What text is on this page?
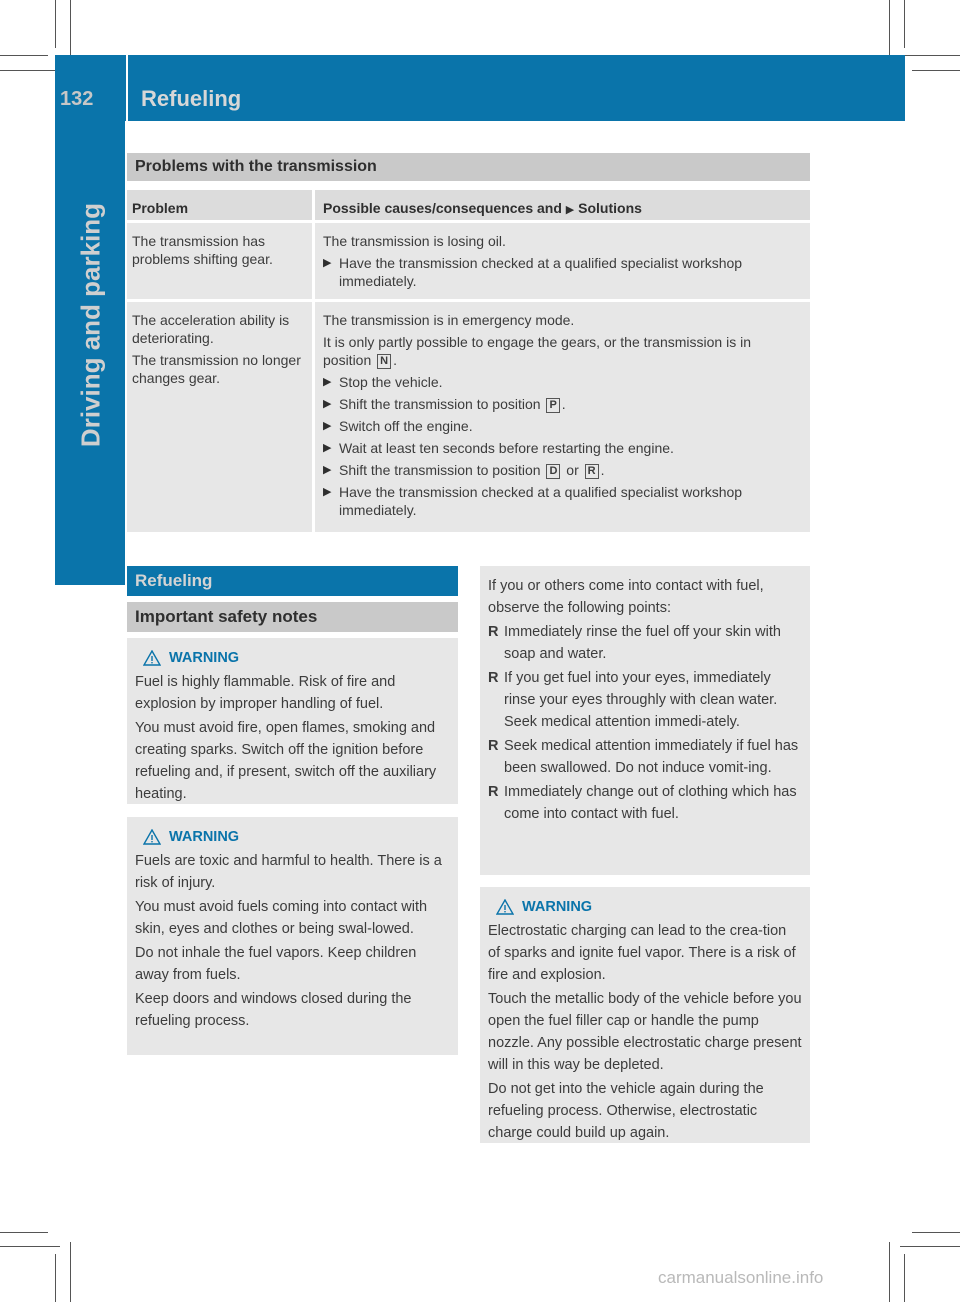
132 Refueling
Driving and parking
Problems with the transmission
Problem	Possible causes/consequences and ▶ Solutions
The transmission has problems shifting gear.
The transmission is losing oil.
▶ Have the transmission checked at a qualified specialist workshop immediately.
The acceleration ability is deteriorating.
The transmission no longer changes gear.
The transmission is in emergency mode.
It is only partly possible to engage the gears, or the transmission is in position N .
▶ Stop the vehicle.
▶ Shift the transmission to position P .
▶ Switch off the engine.
▶ Wait at least ten seconds before restarting the engine.
▶ Shift the transmission to position D or R .
▶ Have the transmission checked at a qualified specialist workshop immediately.
Refueling
Important safety notes
WARNING
Fuel is highly flammable. Risk of fire and explosion by improper handling of fuel.
You must avoid fire, open flames, smoking and creating sparks. Switch off the ignition before refueling and, if present, switch off the auxiliary heating.
WARNING
Fuels are toxic and harmful to health. There is a risk of injury.
You must avoid fuels coming into contact with skin, eyes and clothes or being swal-lowed.
Do not inhale the fuel vapors. Keep children away from fuels.
Keep doors and windows closed during the refueling process.
If you or others come into contact with fuel, observe the following points:
R Immediately rinse the fuel off your skin with soap and water.
R If you get fuel into your eyes, immediately rinse your eyes throughly with clean water. Seek medical attention immedi-ately.
R Seek medical attention immediately if fuel has been swallowed. Do not induce vomit-ing.
R Immediately change out of clothing which has come into contact with fuel.
WARNING
Electrostatic charging can lead to the crea-tion of sparks and ignite fuel vapor. There is a risk of fire and explosion.
Touch the metallic body of the vehicle before you open the fuel filler cap or handle the pump nozzle. Any possible electrostatic charge present will in this way be depleted.
Do not get into the vehicle again during the refueling process. Otherwise, electrostatic charge could build up again.
carmanualsonline.info
